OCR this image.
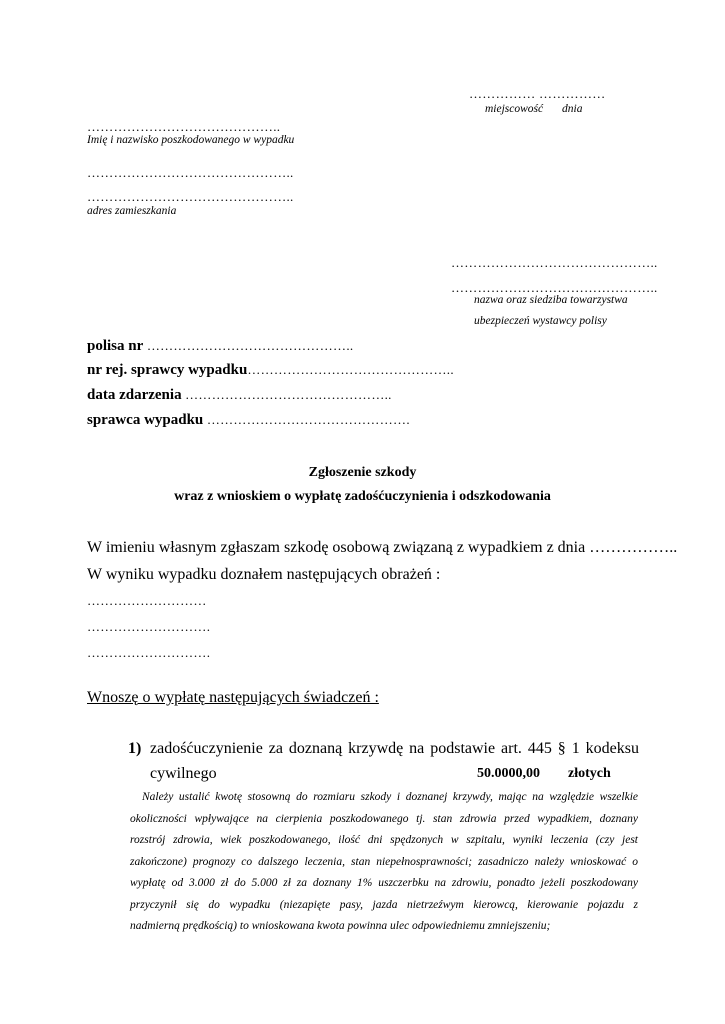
…………… ……………
miejscowość dnia
……………………………………..
Imię i nazwisko poszkodowanego w wypadku
………………………………………..
………………………………………..
adres zamieszkania
………………………………………..
………………………………………..
nazwa oraz siedziba towarzystwa
ubezpieczeń wystawcy polisy
polisa nr ………………………………………..
nr rej. sprawcy wypadku………………………………………..
data zdarzenia ………………………………………..
sprawca wypadku ……………………………………….
Zgłoszenie szkody
wraz z wnioskiem o wypłatę zadośćuczynienia i odszkodowania
W imieniu własnym zgłaszam szkodę osobową związaną z wypadkiem z dnia ……………..
W wyniku wypadku doznałem następujących obrażeń :
………………………
……………………….
……………………….
Wnoszę o wypłatę następujących świadczeń :
1) zadośćuczynienie za doznaną krzywdę na podstawie art. 445 § 1 kodeksu
cywilnego	50.0000,00 złotych

Należy ustalić kwotę stosowną do rozmiaru szkody i doznanej krzywdy, mając na względzie wszelkie

okoliczności wpływające na cierpienia poszkodowanego tj. stan zdrowia przed wypadkiem, doznany

rozstrój zdrowia, wiek poszkodowanego, ilość dni spędzonych w szpitalu, wyniki leczenia (czy jest

zakończone) prognozy co dalszego leczenia, stan niepełnosprawności; zasadniczo należy wnioskować o

wypłatę od 3.000 zł do 5.000 zł za doznany 1% uszczerbku na zdrowiu, ponadto jeżeli poszkodowany

przyczynił się do wypadku (niezapięte pasy, jazda nietrzeźwym kierowcą, kierowanie pojazdu z

nadmierną prędkością) to wnioskowana kwota powinna ulec odpowiedniemu zmniejszeniu;
